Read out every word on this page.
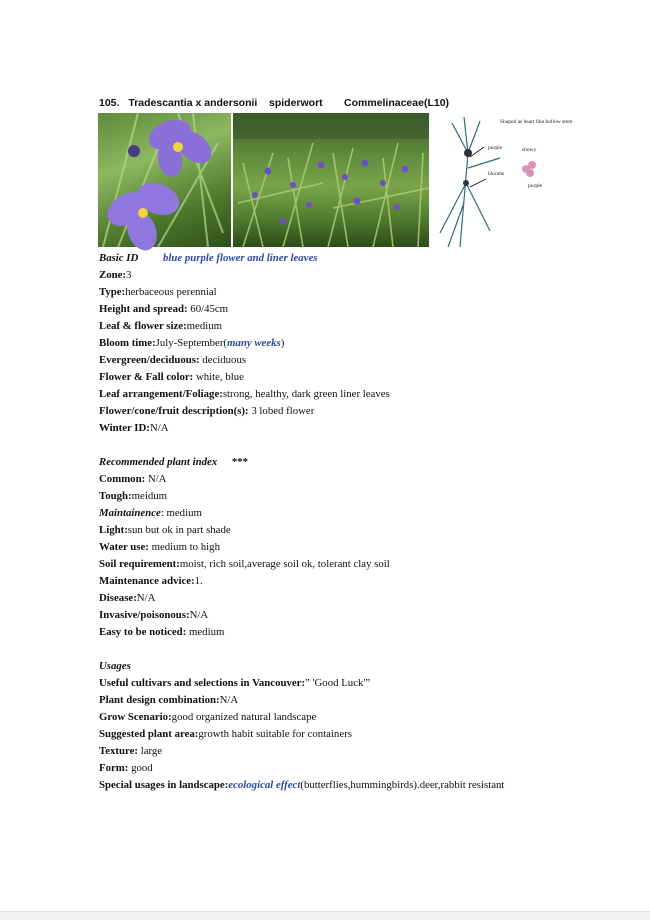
105. Tradescantia x andersonii spiderwort Commelinaceae(L10)
Shaped as heart like hollow stem
purple	showy
blooms
purple
Basic ID blue purple flower and liner leaves
Zone:3
Type:herbaceous perennial
Height and spread: 60/45cm
Leaf & flower size:medium
Bloom time:July-September(many weeks)
Evergreen/deciduous: deciduous
Flower & Fall color: white, blue
Leaf arrangement/Foliage:strong, healthy, dark green liner leaves
Flower/cone/fruit description(s): 3 lobed flower
Winter ID:N/A
Recommended plant index ***
Common: N/A
Tough:meidum
Maintainence: medium
Light:sun but ok in part shade
Water use: medium to high
Soil requirement:moist, rich soil,average soil ok, tolerant clay soil
Maintenance advice:1.
Disease:N/A
Invasive/poisonous:N/A
Easy to be noticed: medium
Usages
Useful cultivars and selections in Vancouver:” 'Good Luck'”
Plant design combination:N/A
Grow Scenario:good organized natural landscape
Suggested plant area:growth habit suitable for containers
Texture: large
Form: good
Special usages in landscape:ecological effect(butterflies,hummingbirds).deer,rabbit resistant
